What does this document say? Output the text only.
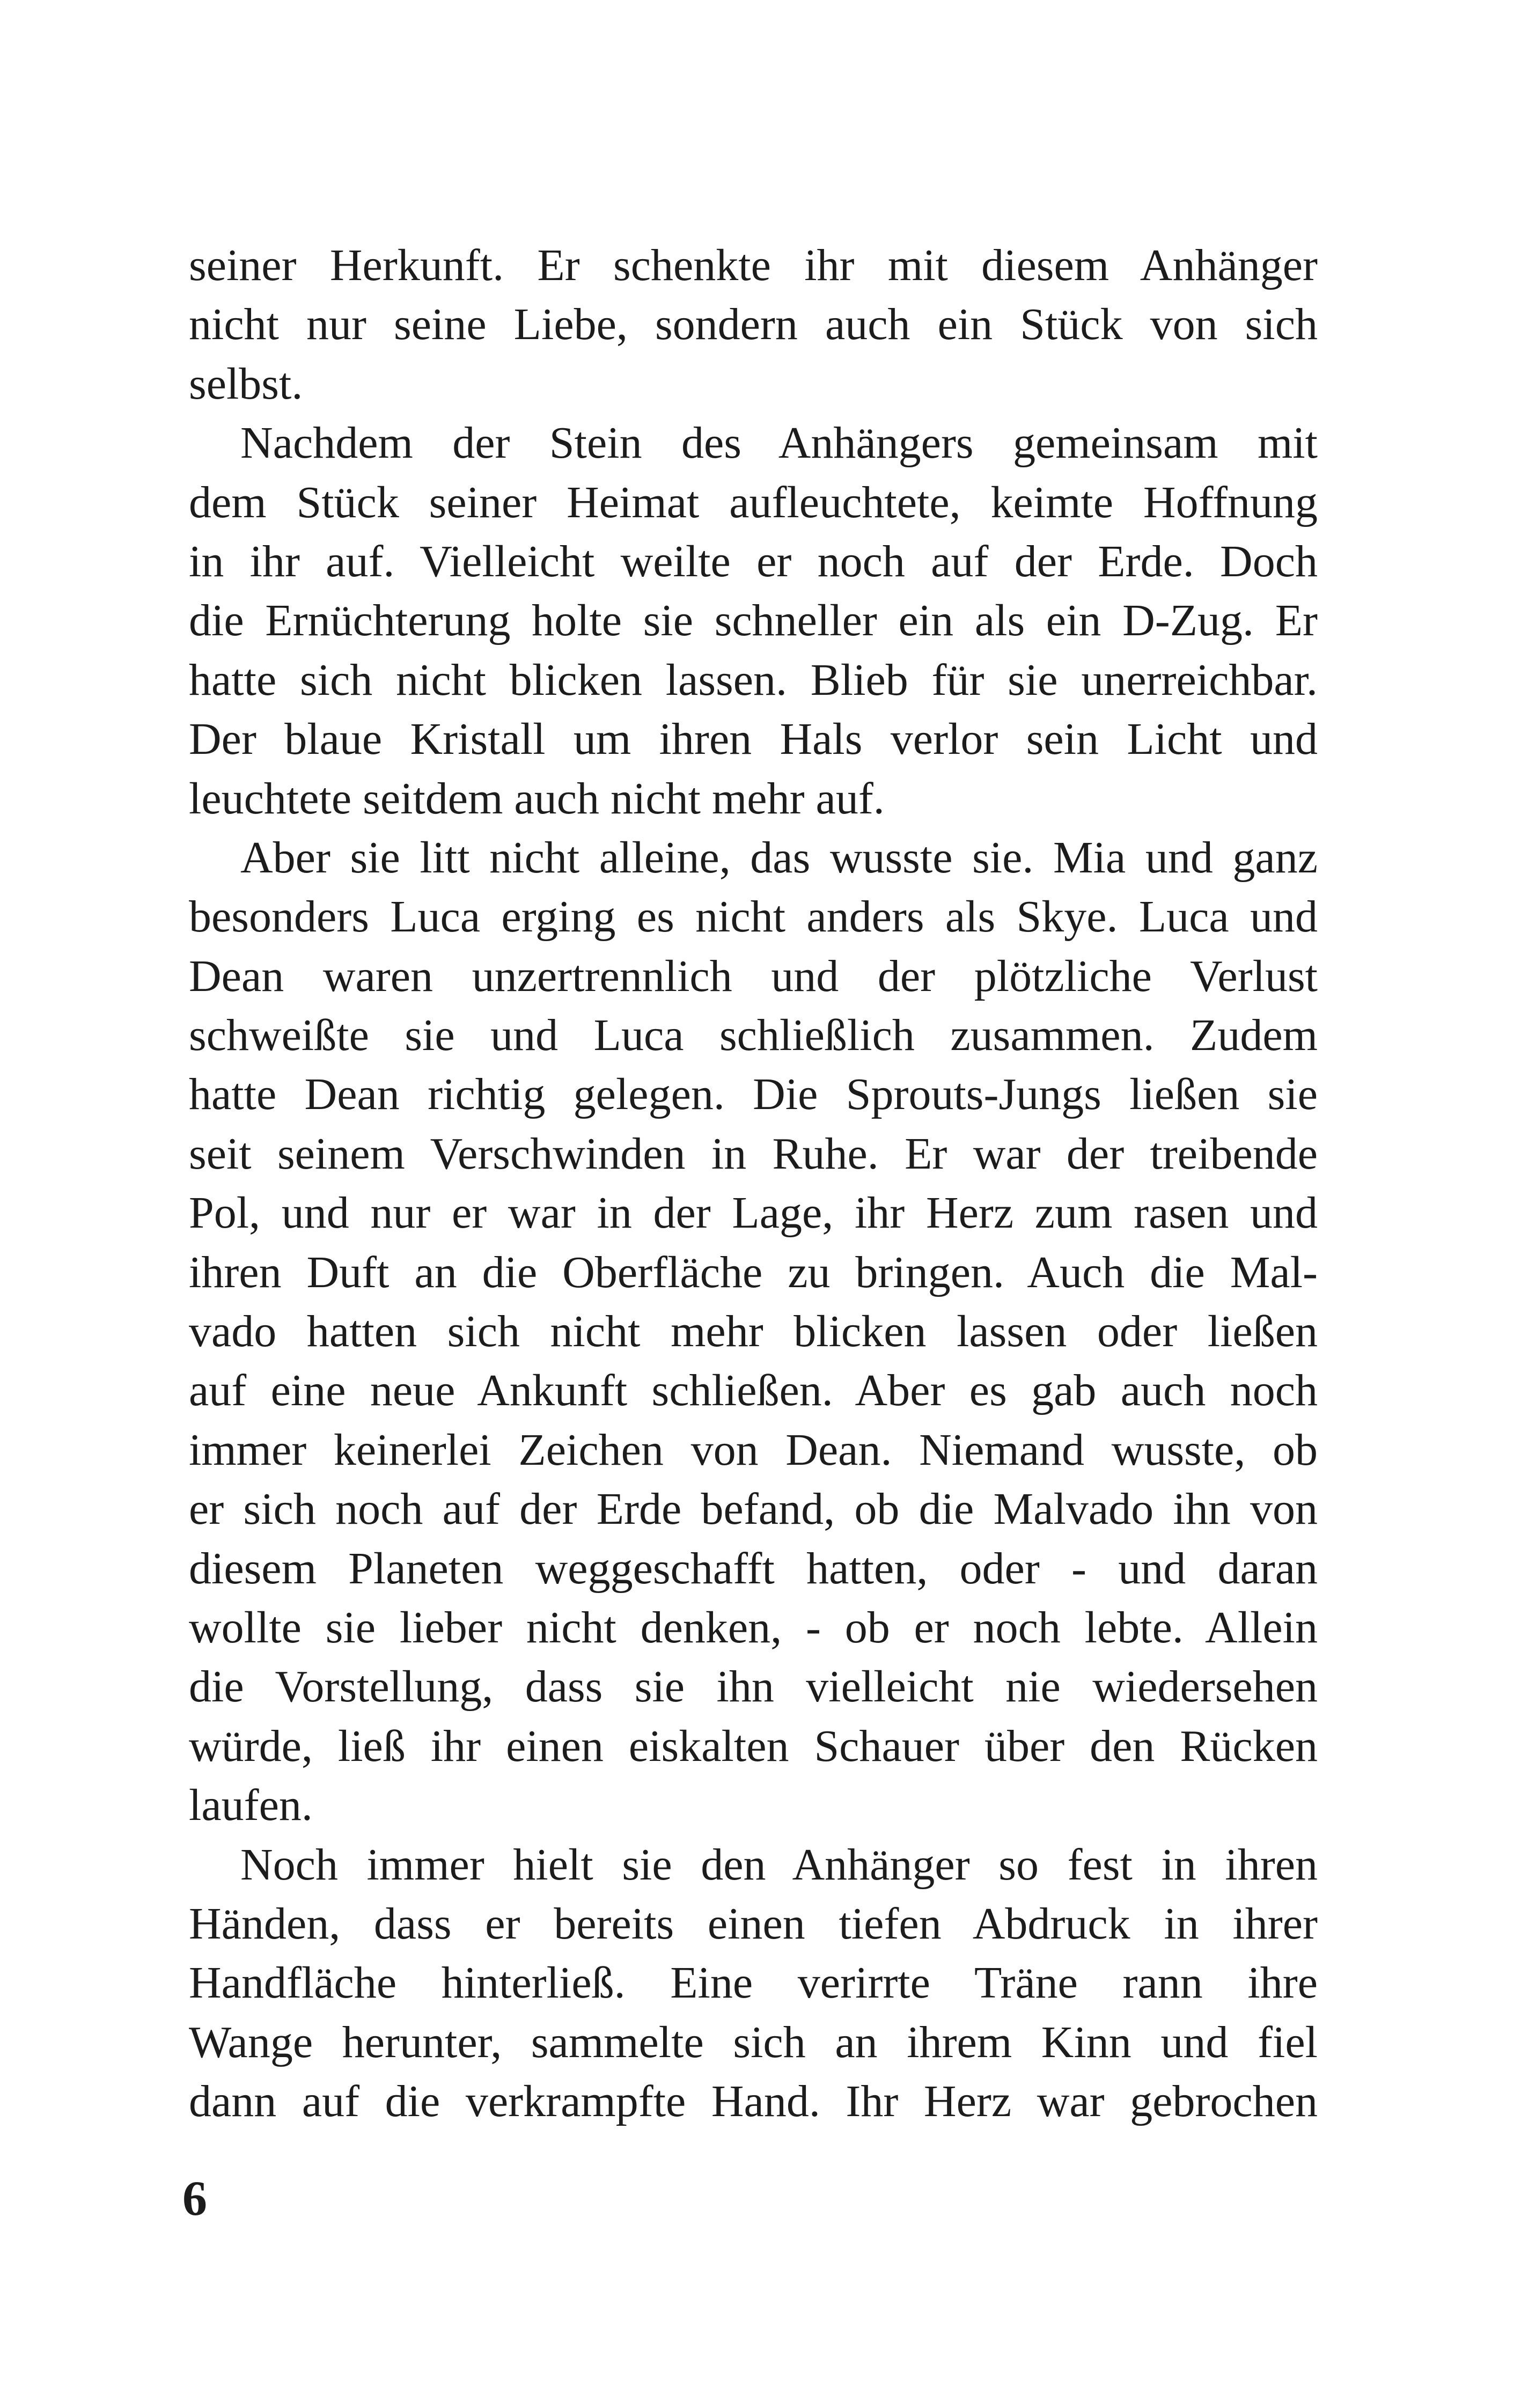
seiner Herkunft. Er schenkte ihr mit diesem Anhänger
nicht nur seine Liebe, sondern auch ein Stück von sich
selbst.
Nachdem der Stein des Anhängers gemeinsam mit
dem Stück seiner Heimat aufleuchtete, keimte Hoffnung
in ihr auf. Vielleicht weilte er noch auf der Erde. Doch
die Ernüchterung holte sie schneller ein als ein D-Zug. Er
hatte sich nicht blicken lassen. Blieb für sie unerreichbar.
Der blaue Kristall um ihren Hals verlor sein Licht und
leuchtete seitdem auch nicht mehr auf.
Aber sie litt nicht alleine, das wusste sie. Mia und ganz
besonders Luca erging es nicht anders als Skye. Luca und
Dean waren unzertrennlich und der plötzliche Verlust
schweißte sie und Luca schließlich zusammen. Zudem
hatte Dean richtig gelegen. Die Sprouts-Jungs ließen sie
seit seinem Verschwinden in Ruhe. Er war der treibende
Pol, und nur er war in der Lage, ihr Herz zum rasen und
ihren Duft an die Oberfläche zu bringen. Auch die Mal-
vado hatten sich nicht mehr blicken lassen oder ließen
auf eine neue Ankunft schließen. Aber es gab auch noch
immer keinerlei Zeichen von Dean. Niemand wusste, ob
er sich noch auf der Erde befand, ob die Malvado ihn von
diesem Planeten weggeschafft hatten, oder - und daran
wollte sie lieber nicht denken, - ob er noch lebte. Allein
die Vorstellung, dass sie ihn vielleicht nie wiedersehen
würde, ließ ihr einen eiskalten Schauer über den Rücken
laufen.
Noch immer hielt sie den Anhänger so fest in ihren
Händen, dass er bereits einen tiefen Abdruck in ihrer
Handfläche hinterließ. Eine verirrte Träne rann ihre
Wange herunter, sammelte sich an ihrem Kinn und fiel
dann auf die verkrampfte Hand. Ihr Herz war gebrochen
6
